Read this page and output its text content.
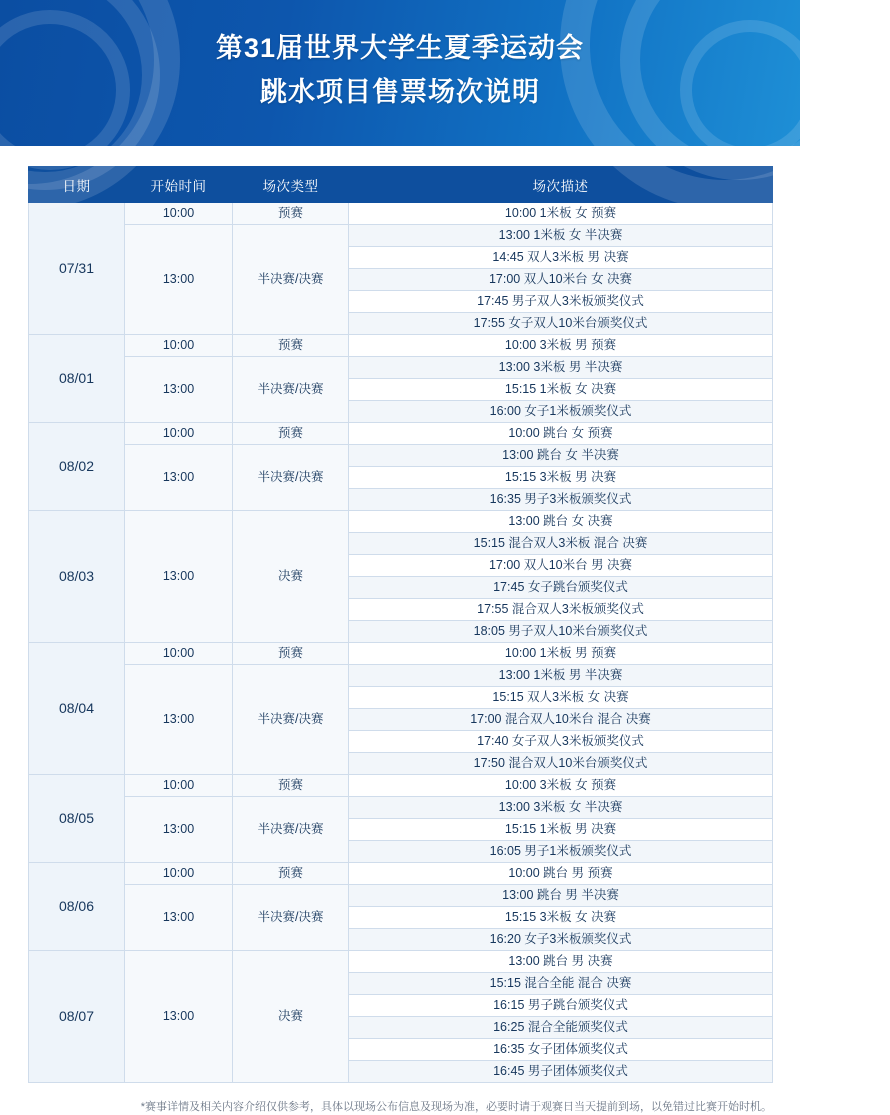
第31届世界大学生夏季运动会
跳水项目售票场次说明
日期	开始时间	场次类型	场次描述
07/31	10:00	预赛	10:00 1米板 女 预赛
	13:00	半决赛/决赛	13:00 1米板 女 半决赛
			14:45 双人3米板 男 决赛
			17:00 双人10米台 女 决赛
			17:45 男子双人3米板颁奖仪式
			17:55 女子双人10米台颁奖仪式
08/01	10:00	预赛	10:00 3米板 男 预赛
	13:00	半决赛/决赛	13:00 3米板 男 半决赛
			15:15 1米板 女 决赛
			16:00 女子1米板颁奖仪式
08/02	10:00	预赛	10:00 跳台 女 预赛
	13:00	半决赛/决赛	13:00 跳台 女 半决赛
			15:15 3米板 男 决赛
			16:35 男子3米板颁奖仪式
08/03	13:00	决赛	13:00 跳台 女 决赛
			15:15 混合双人3米板 混合 决赛
			17:00 双人10米台 男 决赛
			17:45 女子跳台颁奖仪式
			17:55 混合双人3米板颁奖仪式
			18:05 男子双人10米台颁奖仪式
08/04	10:00	预赛	10:00 1米板 男 预赛
	13:00	半决赛/决赛	13:00 1米板 男 半决赛
			15:15 双人3米板 女 决赛
			17:00 混合双人10米台 混合 决赛
			17:40 女子双人3米板颁奖仪式
			17:50 混合双人10米台颁奖仪式
08/05	10:00	预赛	10:00 3米板 女 预赛
	13:00	半决赛/决赛	13:00 3米板 女 半决赛
			15:15 1米板 男 决赛
			16:05 男子1米板颁奖仪式
08/06	10:00	预赛	10:00 跳台 男 预赛
	13:00	半决赛/决赛	13:00 跳台 男 半决赛
			15:15 3米板 女 决赛
			16:20 女子3米板颁奖仪式
08/07	13:00	决赛	13:00 跳台 男 决赛
			15:15 混合全能 混合 决赛
			16:15 男子跳台颁奖仪式
			16:25 混合全能颁奖仪式
			16:35 女子团体颁奖仪式
			16:45 男子团体颁奖仪式
*赛事详情及相关内容介绍仅供参考，具体以现场公布信息及现场为准，必要时请于观赛日当天提前到场，以免错过比赛开始时机。
